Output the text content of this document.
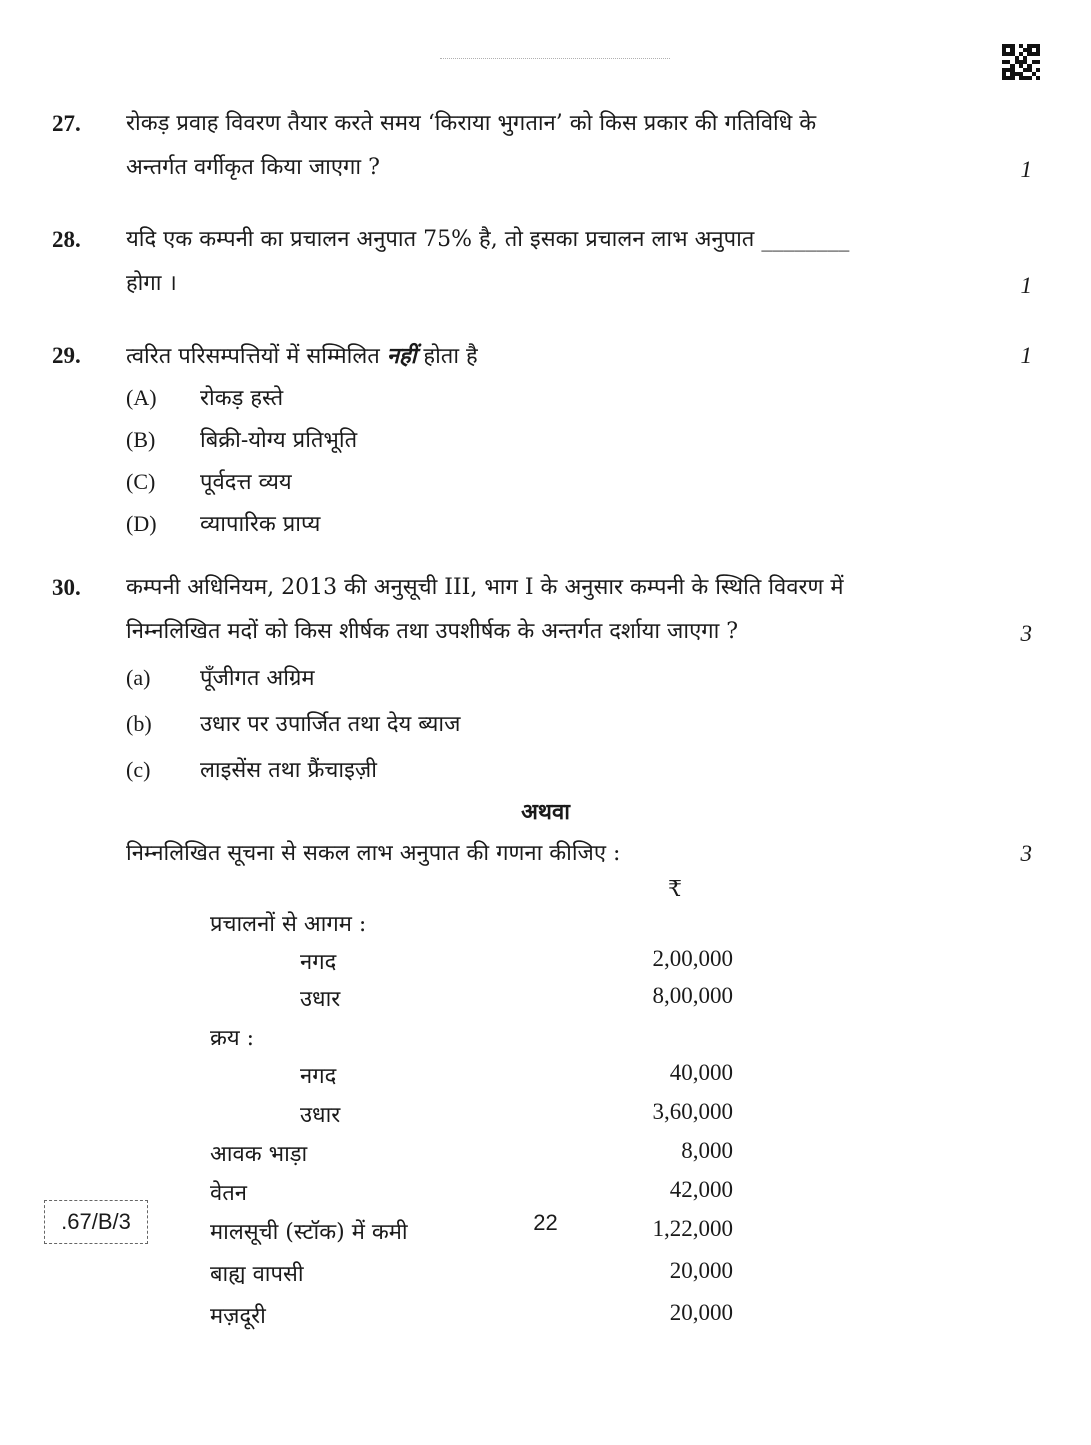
27. रोकड़ प्रवाह विवरण तैयार करते समय ‘किराया भुगतान’ को किस प्रकार की गतिविधि के
अन्तर्गत वर्गीकृत किया जाएगा ?	1
28. यदि एक कम्पनी का प्रचालन अनुपात 75% है, तो इसका प्रचालन लाभ अनुपात ________
होगा ।	1
29. त्वरित परिसम्पत्तियों में सम्मिलित नहीं होता है	1
(A) रोकड़ हस्ते
(B) बिक्री-योग्य प्रतिभूति
(C) पूर्वदत्त व्यय
(D) व्यापारिक प्राप्य
30. कम्पनी अधिनियम, 2013 की अनुसूची III, भाग I के अनुसार कम्पनी के स्थिति विवरण में
निम्नलिखित मदों को किस शीर्षक तथा उपशीर्षक के अन्तर्गत दर्शाया जाएगा ?	3
(a) पूँजीगत अग्रिम
(b) उधार पर उपार्जित तथा देय ब्याज
(c) लाइसेंस तथा फ्रैंचाइज़ी
अथवा
निम्नलिखित सूचना से सकल लाभ अनुपात की गणना कीजिए :	3
₹
प्रचालनों से आगम :
नगद	2,00,000
उधार	8,00,000
क्रय :
नगद	40,000
उधार	3,60,000
आवक भाड़ा	8,000
वेतन	42,000
मालसूची (स्टॉक) में कमी	1,22,000
बाह्य वापसी	20,000
मज़दूरी	20,000
.67/B/3	22
